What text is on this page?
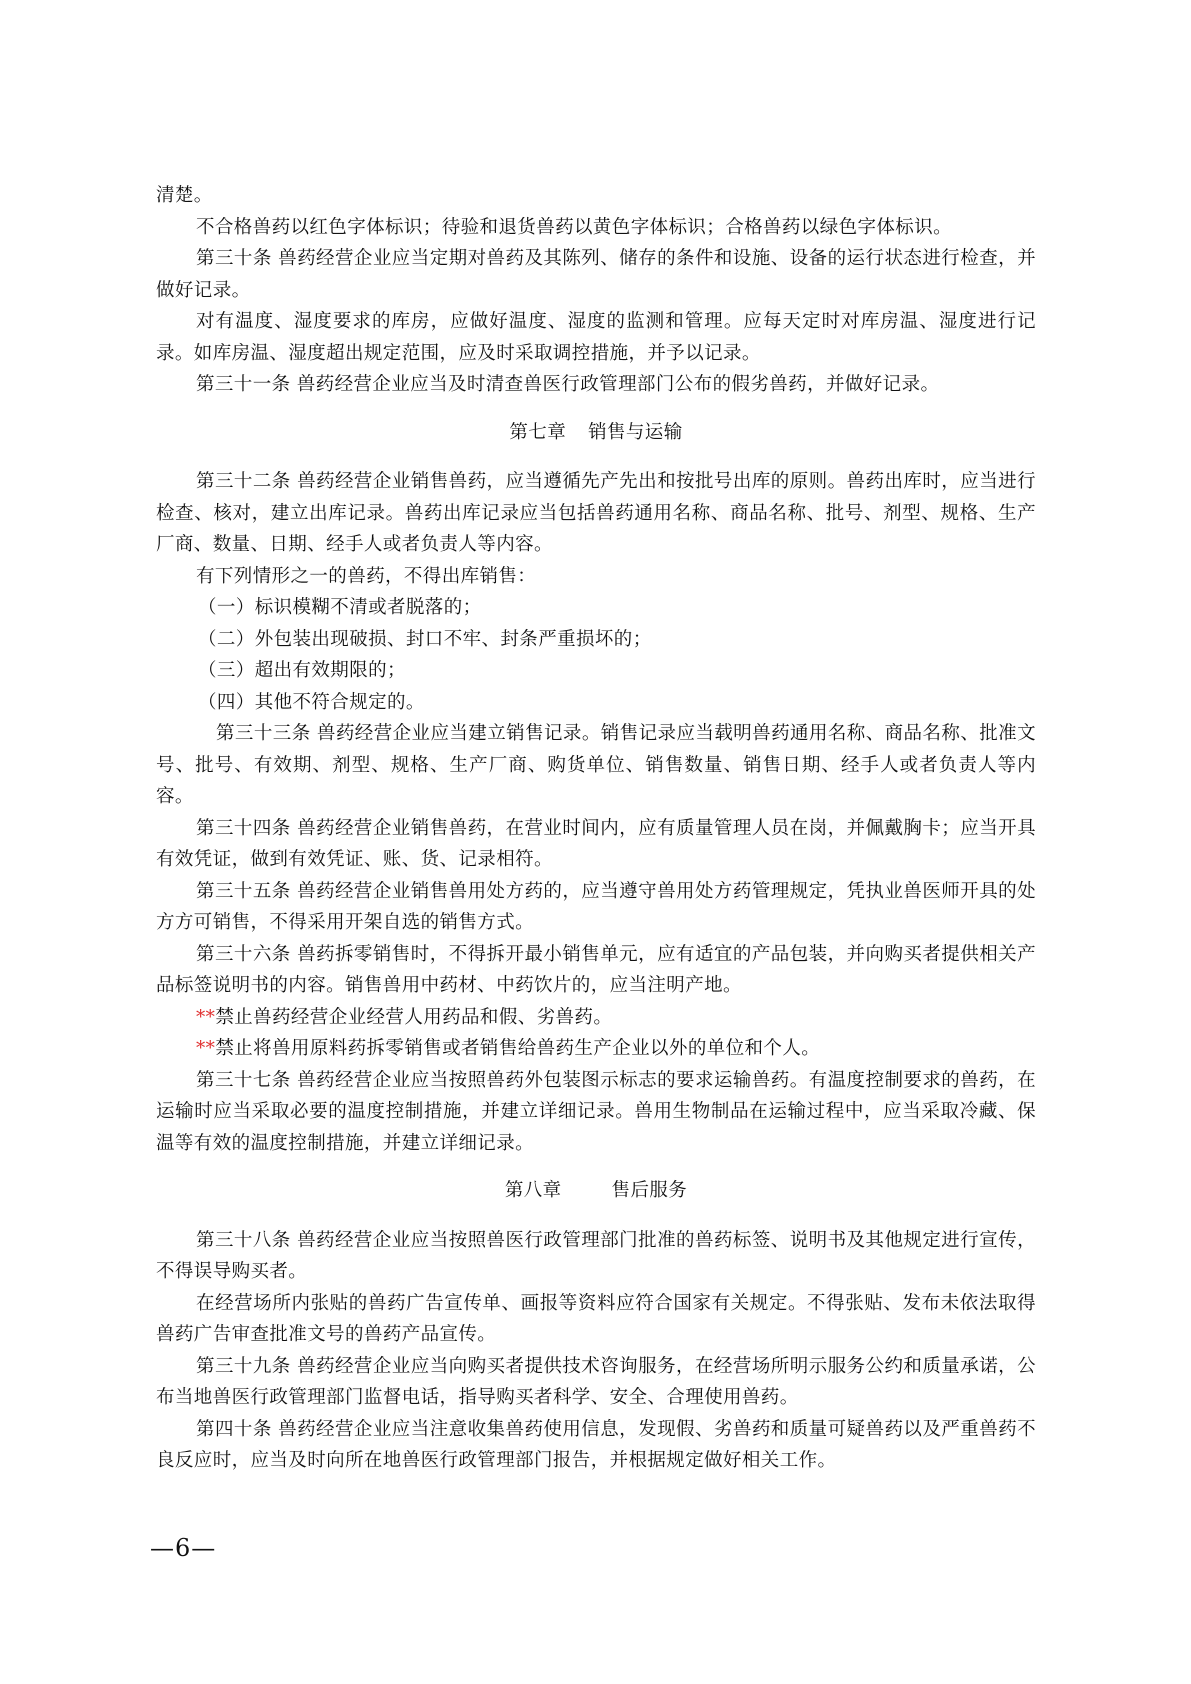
清楚。

不合格兽药以红色字体标识；待验和退货兽药以黄色字体标识；合格兽药以绿色字体标识。

第三十条 兽药经营企业应当定期对兽药及其陈列、储存的条件和设施、设备的运行状态进行检查，并做好记录。

对有温度、湿度要求的库房，应做好温度、湿度的监测和管理。应每天定时对库房温、湿度进行记录。如库房温、湿度超出规定范围，应及时采取调控措施，并予以记录。

第三十一条 兽药经营企业应当及时清查兽医行政管理部门公布的假劣兽药，并做好记录。

第七章 销售与运输

第三十二条 兽药经营企业销售兽药，应当遵循先产先出和按批号出库的原则。兽药出库时，应当进行检查、核对，建立出库记录。兽药出库记录应当包括兽药通用名称、商品名称、批号、剂型、规格、生产厂商、数量、日期、经手人或者负责人等内容。

有下列情形之一的兽药，不得出库销售：

（一）标识模糊不清或者脱落的；

（二）外包装出现破损、封口不牢、封条严重损坏的；

（三）超出有效期限的；

（四）其他不符合规定的。

第三十三条 兽药经营企业应当建立销售记录。销售记录应当载明兽药通用名称、商品名称、批准文号、批号、有效期、剂型、规格、生产厂商、购货单位、销售数量、销售日期、经手人或者负责人等内容。

第三十四条 兽药经营企业销售兽药，在营业时间内，应有质量管理人员在岗，并佩戴胸卡；应当开具有效凭证，做到有效凭证、账、货、记录相符。

第三十五条 兽药经营企业销售兽用处方药的，应当遵守兽用处方药管理规定，凭执业兽医师开具的处方方可销售，不得采用开架自选的销售方式。

第三十六条 兽药拆零销售时，不得拆开最小销售单元，应有适宜的产品包装，并向购买者提供相关产品标签说明书的内容。销售兽用中药材、中药饮片的，应当注明产地。

**禁止兽药经营企业经营人用药品和假、劣兽药。

**禁止将兽用原料药拆零销售或者销售给兽药生产企业以外的单位和个人。

第三十七条 兽药经营企业应当按照兽药外包装图示标志的要求运输兽药。有温度控制要求的兽药，在运输时应当采取必要的温度控制措施，并建立详细记录。兽用生物制品在运输过程中，应当采取冷藏、保温等有效的温度控制措施，并建立详细记录。

第八章	售后服务

第三十八条 兽药经营企业应当按照兽医行政管理部门批准的兽药标签、说明书及其他规定进行宣传，不得误导购买者。

在经营场所内张贴的兽药广告宣传单、画报等资料应符合国家有关规定。不得张贴、发布未依法取得兽药广告审查批准文号的兽药产品宣传。

第三十九条 兽药经营企业应当向购买者提供技术咨询服务，在经营场所明示服务公约和质量承诺，公布当地兽医行政管理部门监督电话，指导购买者科学、安全、合理使用兽药。

第四十条 兽药经营企业应当注意收集兽药使用信息，发现假、劣兽药和质量可疑兽药以及严重兽药不良反应时，应当及时向所在地兽医行政管理部门报告，并根据规定做好相关工作。

—6—
